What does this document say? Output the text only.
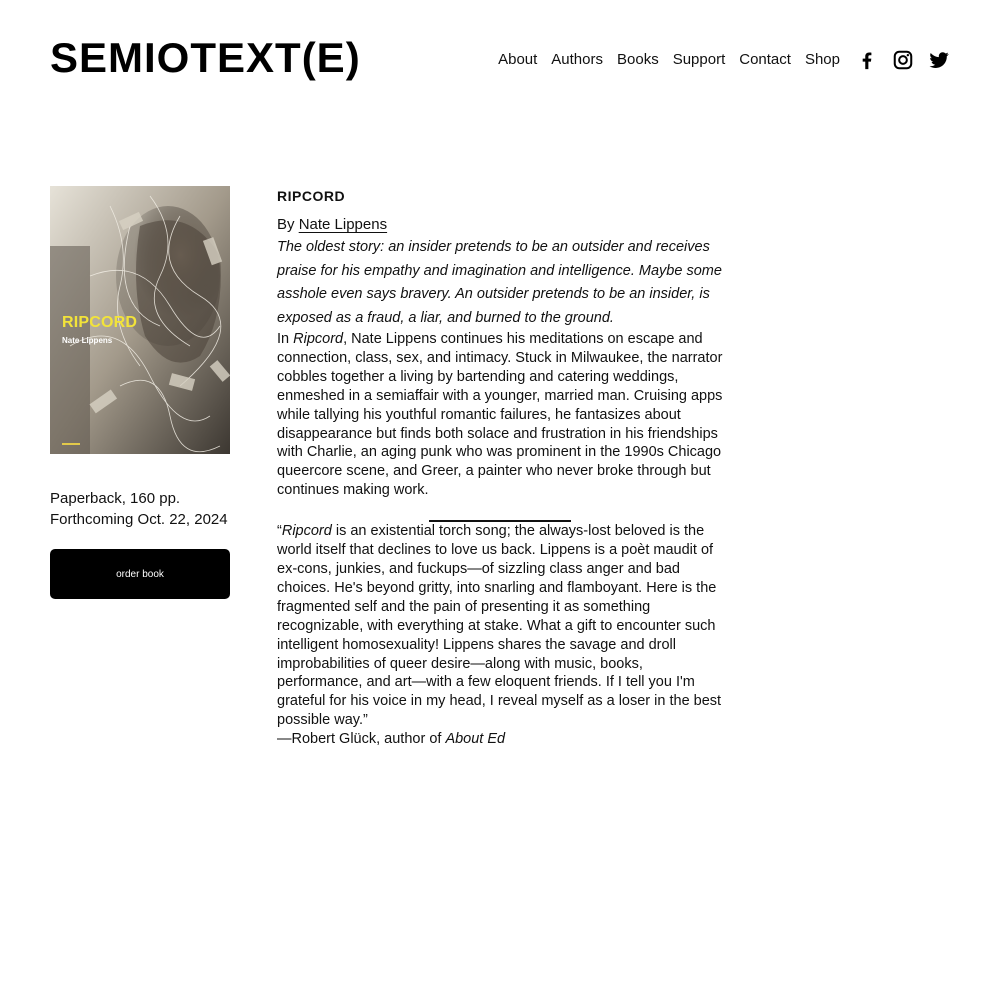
SEMIOTEXT(E)	About Authors Books Support Contact Shop
RIPCORD
Nate Lippens
Paperback, 160 pp.
Forthcoming Oct. 22, 2024
order book
RIPCORD
By Nate Lippens

The oldest story: an insider pretends to be an outsider and receives praise for his empathy and imagination and intelligence. Maybe some asshole even says bravery. An outsider pretends to be an insider, is exposed as a fraud, a liar, and burned to the ground.

In Ripcord, Nate Lippens continues his meditations on escape and connection, class, sex, and intimacy. Stuck in Milwaukee, the narrator cobbles together a living by bartending and catering weddings, enmeshed in a semiaffair with a younger, married man. Cruising apps while tallying his youthful romantic failures, he fantasizes about disappearance but finds both solace and frustration in his friendships with Charlie, an aging punk who was prominent in the 1990s Chicago queercore scene, and Greer, a painter who never broke through but continues making work.

“Ripcord is an existential torch song; the always-lost beloved is the world itself that declines to love us back. Lippens is a poèt maudit of ex-cons, junkies, and fuckups—of sizzling class anger and bad choices. He's beyond gritty, into snarling and flamboyant. Here is the fragmented self and the pain of presenting it as something recognizable, with everything at stake. What a gift to encounter such intelligent homosexuality! Lippens shares the savage and droll improbabilities of queer desire—along with music, books, performance, and art—with a few eloquent friends. If I tell you I'm grateful for his voice in my head, I reveal myself as a loser in the best possible way.”
—Robert Glück, author of About Ed
